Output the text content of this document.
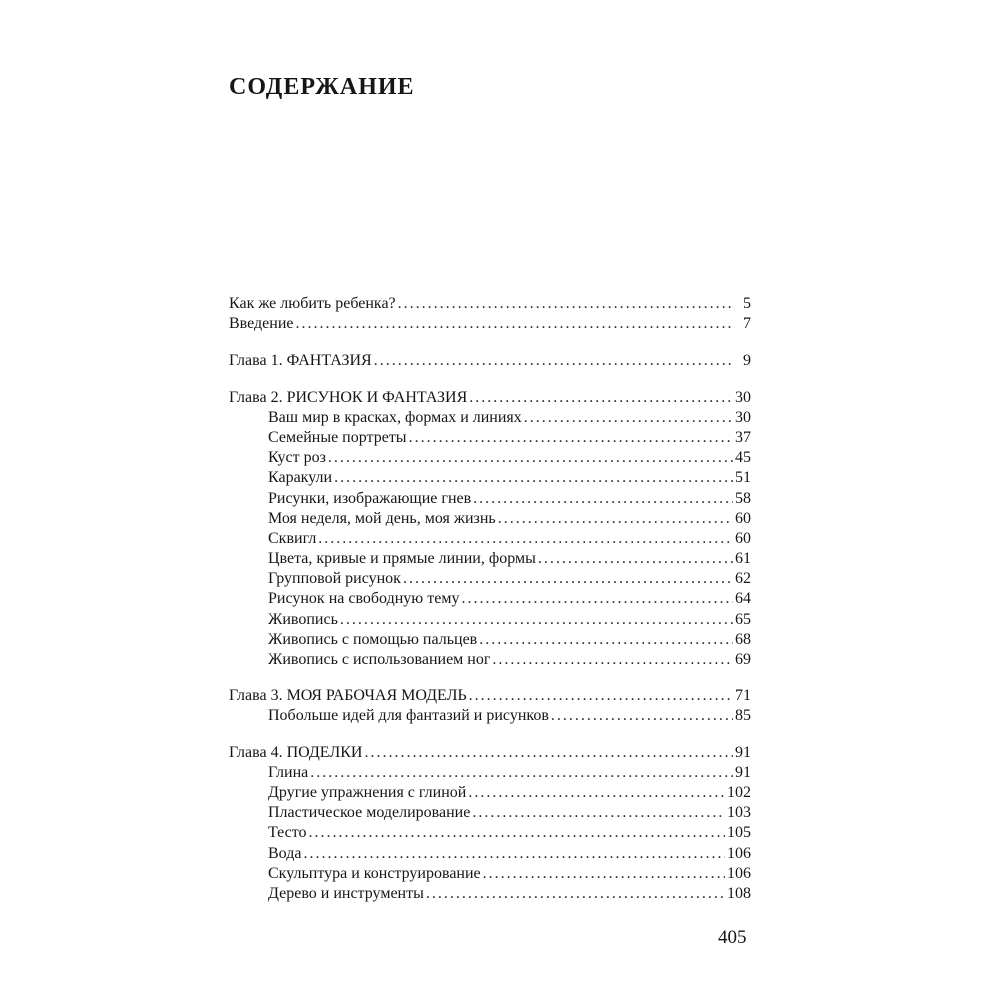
СОДЕРЖАНИЕ
Как же любить ребенка? . . .	5
Введение . . .	7
Глава 1. ФАНТАЗИЯ . . .	9
Глава 2. РИСУНОК И ФАНТАЗИЯ . . .	30
Ваш мир в красках, формах и линиях . . .	30
Семейные портреты . . .	37
Куст роз . . .	45
Каракули . . .	51
Рисунки, изображающие гнев . . .	58
Моя неделя, мой день, моя жизнь . . .	60
Сквигл . . .	60
Цвета, кривые и прямые линии, формы . . .	61
Групповой рисунок . . .	62
Рисунок на свободную тему . . .	64
Живопись . . .	65
Живопись с помощью пальцев . . .	68
Живопись с использованием ног . . .	69
Глава 3. МОЯ РАБОЧАЯ МОДЕЛЬ . . .	71
Побольше идей для фантазий и рисунков . . .	85
Глава 4. ПОДЕЛКИ . . .	91
Глина . . .	91
Другие упражнения с глиной . . .	102
Пластическое моделирование . . .	103
Тесто . . .	105
Вода . . .	106
Скульптура и конструирование . . .	106
Дерево и инструменты . . .	108
405
